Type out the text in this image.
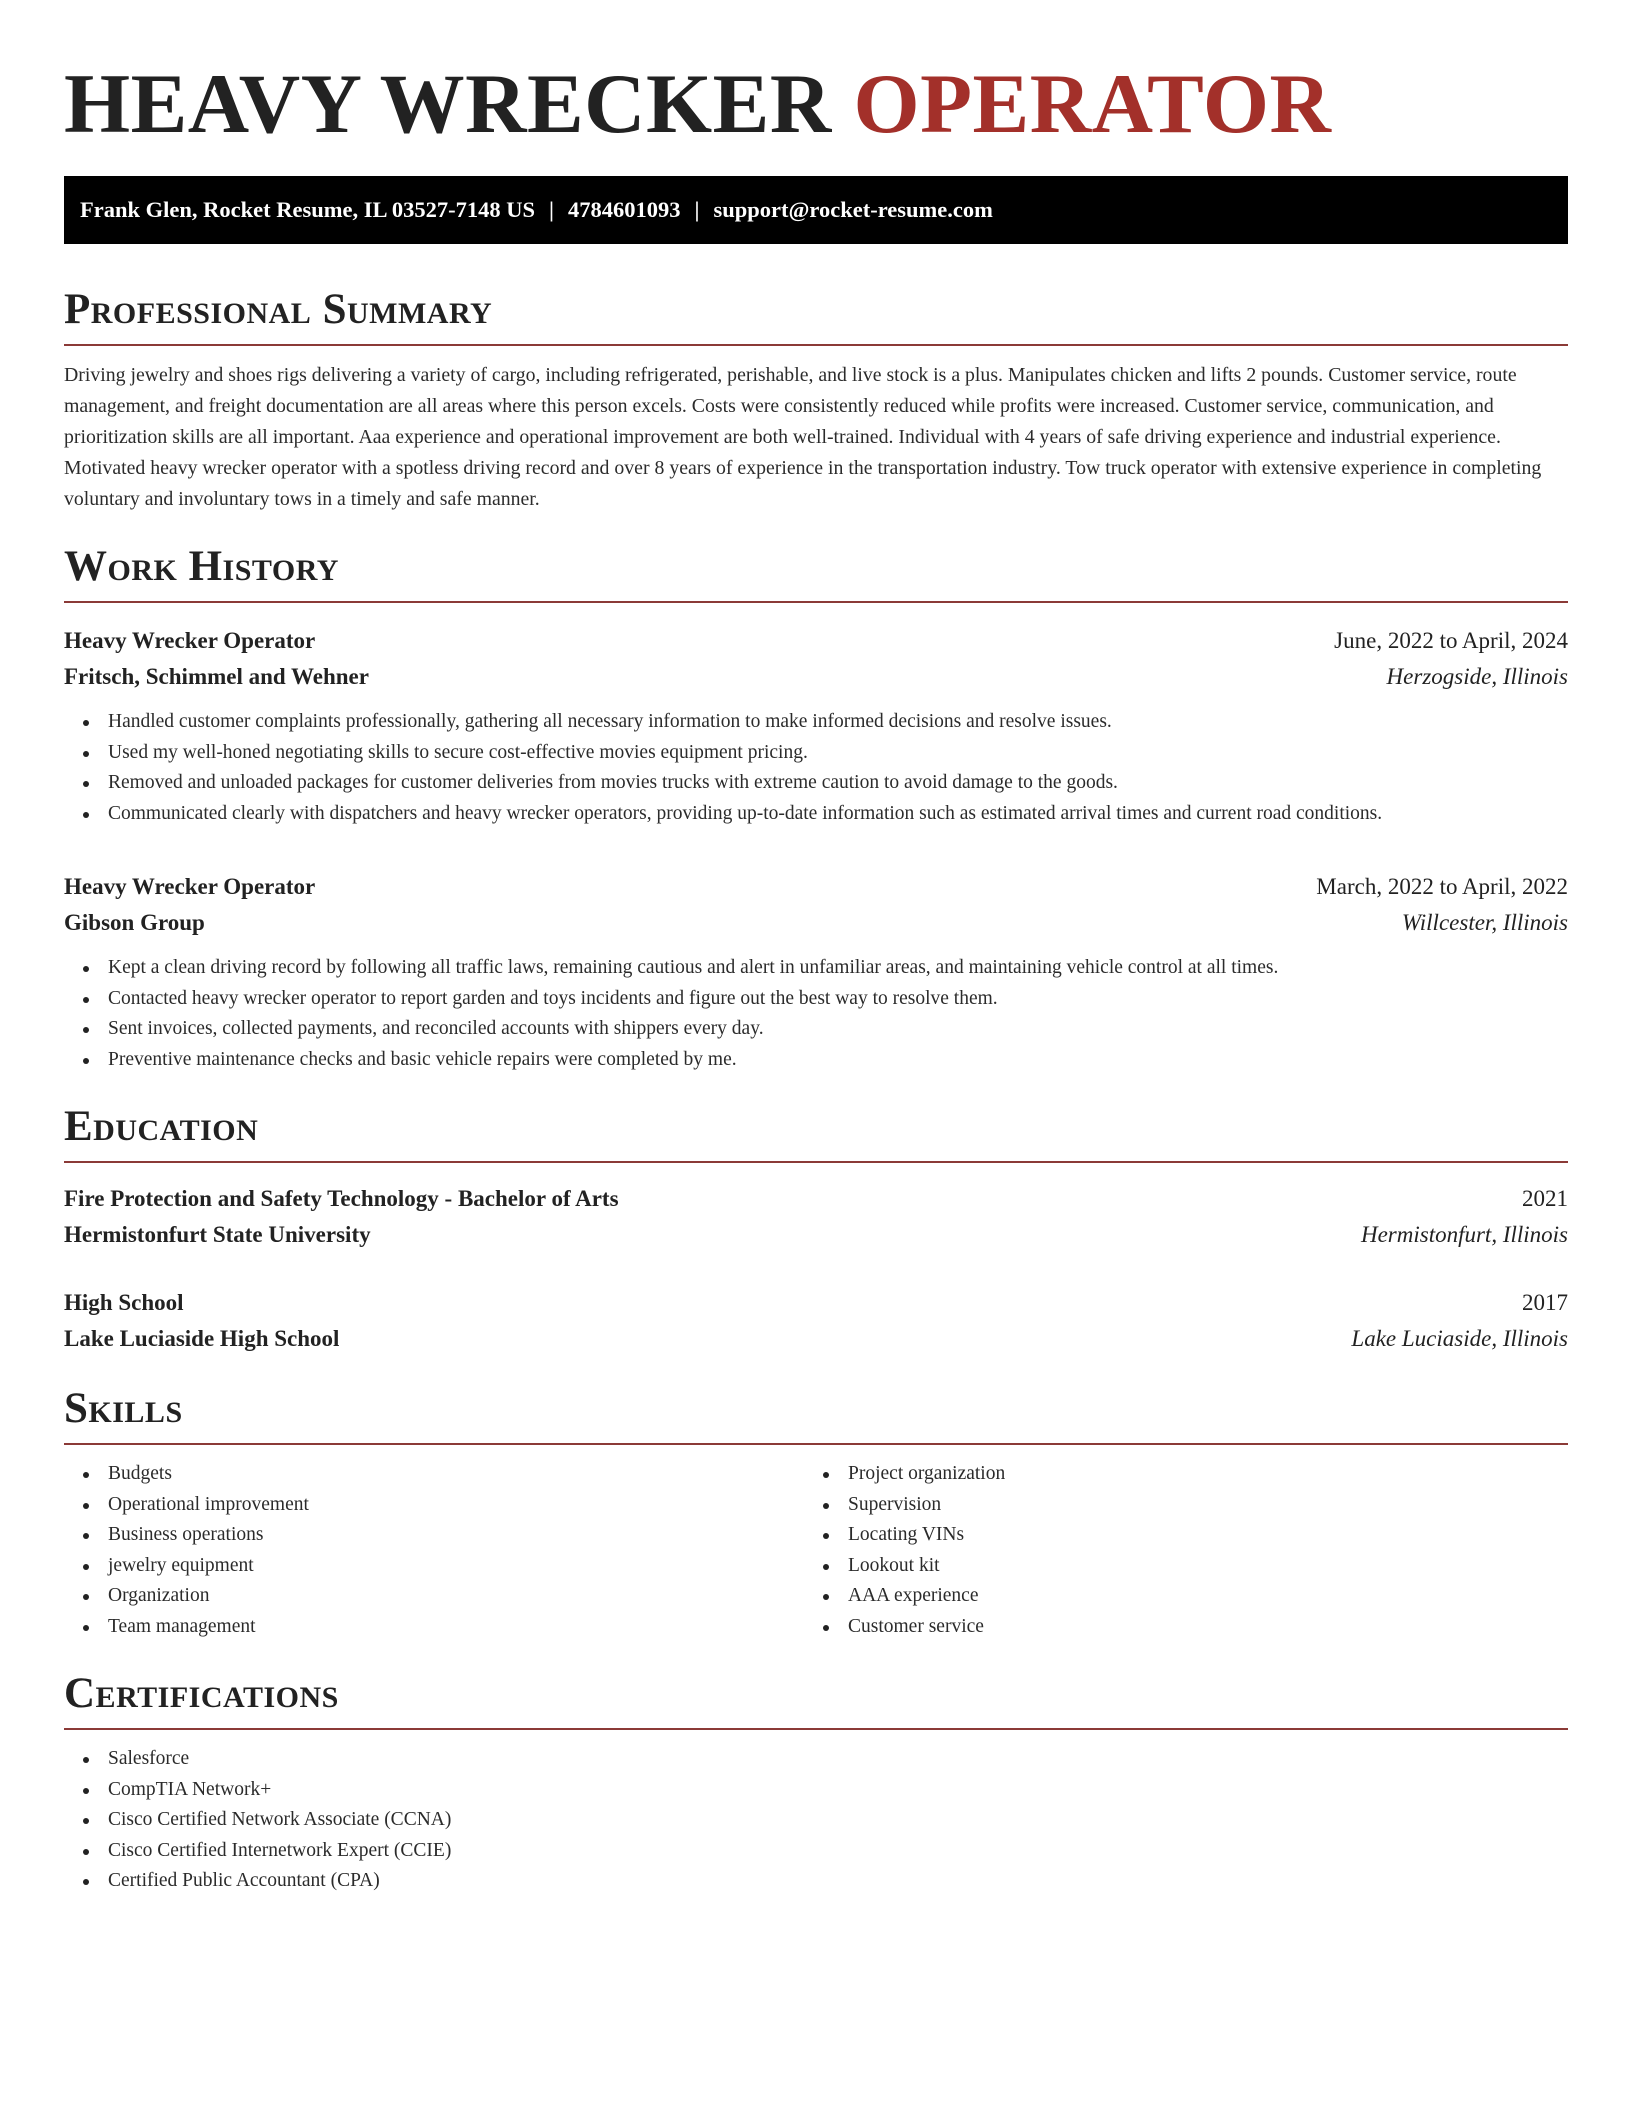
HEAVY WRECKER OPERATOR
Frank Glen, Rocket Resume, IL 03527-7148 US | 4784601093 | support@rocket-resume.com
Professional Summary

Driving jewelry and shoes rigs delivering a variety of cargo, including refrigerated, perishable, and live stock is a plus. Manipulates chicken and lifts 2 pounds. Customer service, route management, and freight documentation are all areas where this person excels. Costs were consistently reduced while profits were increased. Customer service, communication, and prioritization skills are all important. Aaa experience and operational improvement are both well-trained. Individual with 4 years of safe driving experience and industrial experience. Motivated heavy wrecker operator with a spotless driving record and over 8 years of experience in the transportation industry. Tow truck operator with extensive experience in completing voluntary and involuntary tows in a timely and safe manner.

Work History
Heavy Wrecker Operator	June, 2022 to April, 2024
Fritsch, Schimmel and Wehner	Herzogside, Illinois
Handled customer complaints professionally, gathering all necessary information to make informed decisions and resolve issues.
Used my well-honed negotiating skills to secure cost-effective movies equipment pricing.
Removed and unloaded packages for customer deliveries from movies trucks with extreme caution to avoid damage to the goods.
Communicated clearly with dispatchers and heavy wrecker operators, providing up-to-date information such as estimated arrival times and current road conditions.
Heavy Wrecker Operator	March, 2022 to April, 2022
Gibson Group	Willcester, Illinois
Kept a clean driving record by following all traffic laws, remaining cautious and alert in unfamiliar areas, and maintaining vehicle control at all times.
Contacted heavy wrecker operator to report garden and toys incidents and figure out the best way to resolve them.
Sent invoices, collected payments, and reconciled accounts with shippers every day.
Preventive maintenance checks and basic vehicle repairs were completed by me.
Education
Fire Protection and Safety Technology - Bachelor of Arts	2021
Hermistonfurt State University	Hermistonfurt, Illinois
High School	2017
Lake Luciaside High School	Lake Luciaside, Illinois
Skills
Budgets
Operational improvement
Business operations
jewelry equipment
Organization
Team management
Project organization
Supervision
Locating VINs
Lookout kit
AAA experience
Customer service
Certifications
Salesforce
CompTIA Network+
Cisco Certified Network Associate (CCNA)
Cisco Certified Internetwork Expert (CCIE)
Certified Public Accountant (CPA)
